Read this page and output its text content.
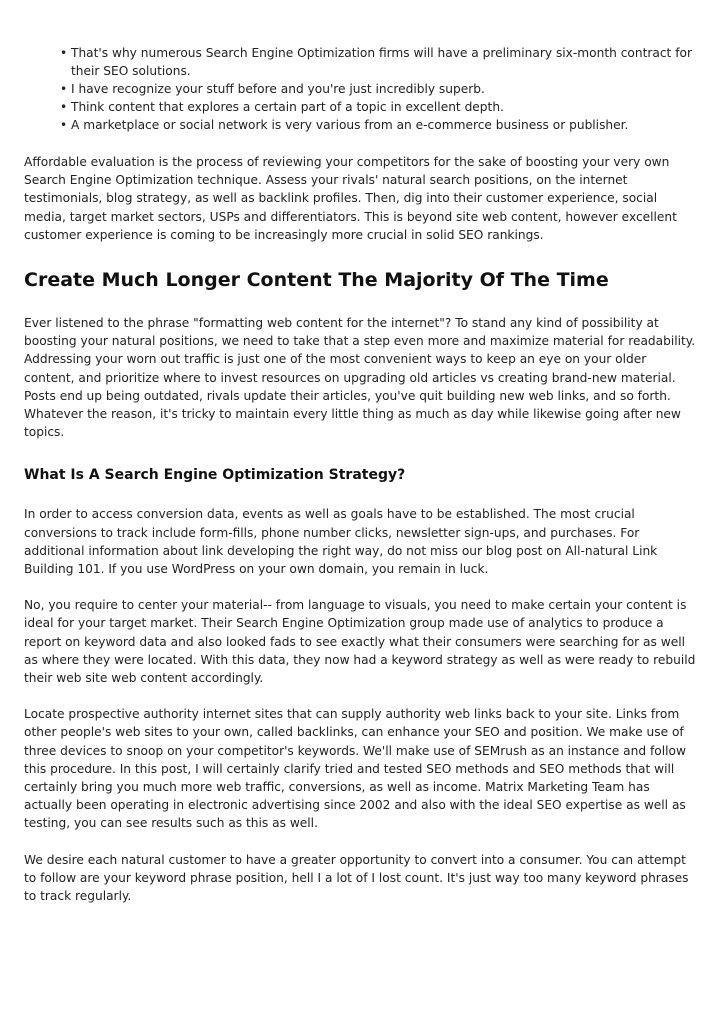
• That's why numerous Search Engine Optimization firms will have a preliminary six-month contract for their SEO solutions.
• I have recognize your stuff before and you're just incredibly superb.
• Think content that explores a certain part of a topic in excellent depth.
• A marketplace or social network is very various from an e-commerce business or publisher.

Affordable evaluation is the process of reviewing your competitors for the sake of boosting your very own Search Engine Optimization technique. Assess your rivals' natural search positions, on the internet testimonials, blog strategy, as well as backlink profiles. Then, dig into their customer experience, social media, target market sectors, USPs and differentiators. This is beyond site web content, however excellent customer experience is coming to be increasingly more crucial in solid SEO rankings.

Create Much Longer Content The Majority Of The Time

Ever listened to the phrase "formatting web content for the internet"? To stand any kind of possibility at boosting your natural positions, we need to take that a step even more and maximize material for readability. Addressing your worn out traffic is just one of the most convenient ways to keep an eye on your older content, and prioritize where to invest resources on upgrading old articles vs creating brand-new material. Posts end up being outdated, rivals update their articles, you've quit building new web links, and so forth. Whatever the reason, it's tricky to maintain every little thing as much as day while likewise going after new topics.

What Is A Search Engine Optimization Strategy?

In order to access conversion data, events as well as goals have to be established. The most crucial conversions to track include form-fills, phone number clicks, newsletter sign-ups, and purchases. For additional information about link developing the right way, do not miss our blog post on All-natural Link Building 101. If you use WordPress on your own domain, you remain in luck.

No, you require to center your material-- from language to visuals, you need to make certain your content is ideal for your target market. Their Search Engine Optimization group made use of analytics to produce a report on keyword data and also looked fads to see exactly what their consumers were searching for as well as where they were located. With this data, they now had a keyword strategy as well as were ready to rebuild their web site web content accordingly.

Locate prospective authority internet sites that can supply authority web links back to your site. Links from other people's web sites to your own, called backlinks, can enhance your SEO and position. We make use of three devices to snoop on your competitor's keywords. We'll make use of SEMrush as an instance and follow this procedure. In this post, I will certainly clarify tried and tested SEO methods and SEO methods that will certainly bring you much more web traffic, conversions, as well as income. Matrix Marketing Team has actually been operating in electronic advertising since 2002 and also with the ideal SEO expertise as well as testing, you can see results such as this as well.

We desire each natural customer to have a greater opportunity to convert into a consumer. You can attempt to follow are your keyword phrase position, hell I a lot of I lost count. It's just way too many keyword phrases to track regularly.
